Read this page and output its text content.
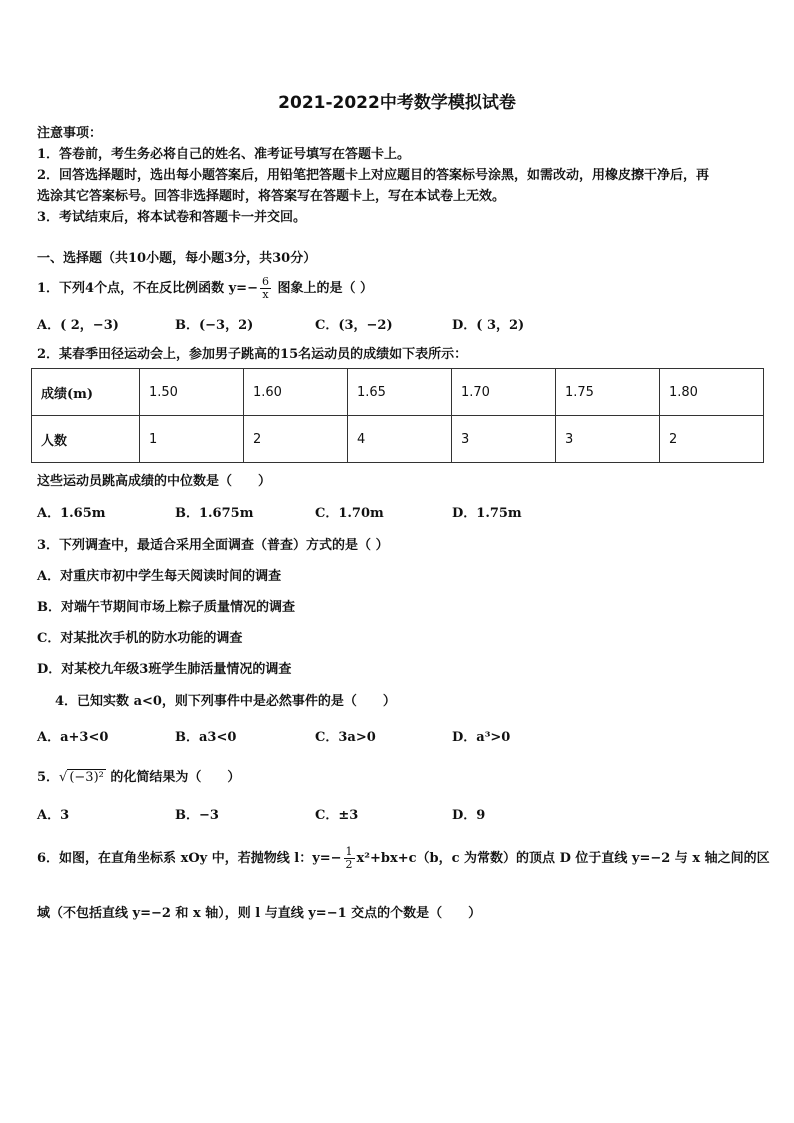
2021-2022中考数学模拟试卷
注意事项：
1．答卷前，考生务必将自己的姓名、准考证号填写在答题卡上。
2．回答选择题时，选出每小题答案后，用铅笔把答题卡上对应题目的答案标号涂黑，如需改动，用橡皮擦干净后，再
选涂其它答案标号。回答非选择题时，将答案写在答题卡上，写在本试卷上无效。
3．考试结束后，将本试卷和答题卡一并交回。
一、选择题（共10小题，每小题3分，共30分）
1．下列4个点，不在反比例函数 $y=- \frac{6}{x}$ 图象上的是（ ）
A．( 2，−3)	B．(−3，2)	C．(3，−2)	D．( 3，2)
2．某春季田径运动会上，参加男子跳高的15名运动员的成绩如下表所示：
成绩(m)	1.50	1.60	1.65	1.70	1.75	1.80
人数	1	2	4	3	3	2
这些运动员跳高成绩的中位数是（　　）
A．1.65m	B．1.675m	C．1.70m	D．1.75m
3．下列调查中，最适合采用全面调查（普查）方式的是（ ）
A．对重庆市初中学生每天阅读时间的调查
B．对端午节期间市场上粽子质量情况的调查
C．对某批次手机的防水功能的调查
D．对某校九年级3班学生肺活量情况的调查
4．已知实数 a<0，则下列事件中是必然事件的是（　　）
A．a+3<0	B．a3<0	C．3a>0	D．a³>0
5．√ (−3)² 的化简结果为（　　）
A．3	B．−3	C．±3	D．9
6．如图，在直角坐标系 xOy 中，若抛物线 l：$y=- \frac{1}{2} x^2+bx+c(b$，c 为常数）的顶点 D 位于直线 y=−2 与 x 轴之间的区
域（不包括直线 y=−2 和 x 轴），则 l 与直线 y=−1 交点的个数是（　　）
